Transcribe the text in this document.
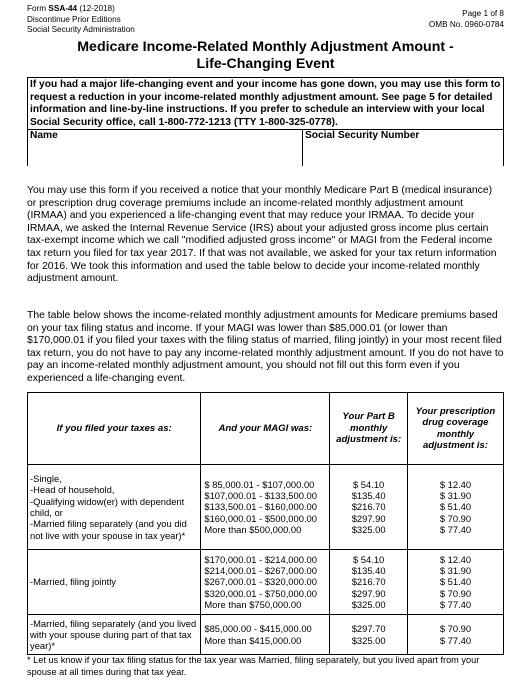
Form SSA-44 (12-2018)
Discontinue Prior Editions
Social Security Administration
Page 1 of 8
OMB No. 0960-0784
Medicare Income-Related Monthly Adjustment Amount -
Life-Changing Event
If you had a major life-changing event and your income has gone down, you may use this form to request a reduction in your income-related monthly adjustment amount. See page 5 for detailed information and line-by-line instructions. If you prefer to schedule an interview with your local Social Security office, call 1-800-772-1213 (TTY 1-800-325-0778).
Name	Social Security Number
You may use this form if you received a notice that your monthly Medicare Part B (medical insurance) or prescription drug coverage premiums include an income-related monthly adjustment amount (IRMAA) and you experienced a life-changing event that may reduce your IRMAA. To decide your IRMAA, we asked the Internal Revenue Service (IRS) about your adjusted gross income plus certain tax-exempt income which we call "modified adjusted gross income" or MAGI from the Federal income tax return you filed for tax year 2017. If that was not available, we asked for your tax return information for 2016. We took this information and used the table below to decide your income-related monthly adjustment amount.
The table below shows the income-related monthly adjustment amounts for Medicare premiums based on your tax filing status and income. If your MAGI was lower than $85,000.01 (or lower than $170,000.01 if you filed your taxes with the filing status of married, filing jointly) in your most recent filed tax return, you do not have to pay any income-related monthly adjustment amount. If you do not have to pay an income-related monthly adjustment amount, you should not fill out this form even if you experienced a life-changing event.
If you filed your taxes as:	And your MAGI was:	Your Part B monthly adjustment is:	Your prescription drug coverage monthly adjustment is:

-Single,
-Head of household,
-Qualifying widow(er) with dependent child, or
-Married filing separately (and you did not live with your spouse in tax year)*	$ 85,000.01 - $107,000.00
$107,000.01 - $133,500.00
$133,500.01 - $160,000.00
$160,000.01 - $500,000.00
More than $500,000.00	$ 54.10
$135.40
$216.70
$297.90
$325.00	$ 12.40
$ 31.90
$ 51.40
$ 70.90
$ 77.40

-Married, filing jointly	$170,000.01 - $214,000.00
$214,000.01 - $267,000.00
$267,000.01 - $320,000.00
$320,000.01 - $750,000.00
More than $750,000.00	$ 54.10
$135.40
$216.70
$297.90
$325.00	$ 12.40
$ 31.90
$ 51.40
$ 70.90
$ 77.40

-Married, filing separately (and you lived with your spouse during part of that tax year)*	$85,000.00 - $415,000.00
More than $415,000.00	$297.70
$325.00	$ 70.90
$ 77.40
* Let us know if your tax filing status for the tax year was Married, filing separately, but you lived apart from your spouse at all times during that tax year.
